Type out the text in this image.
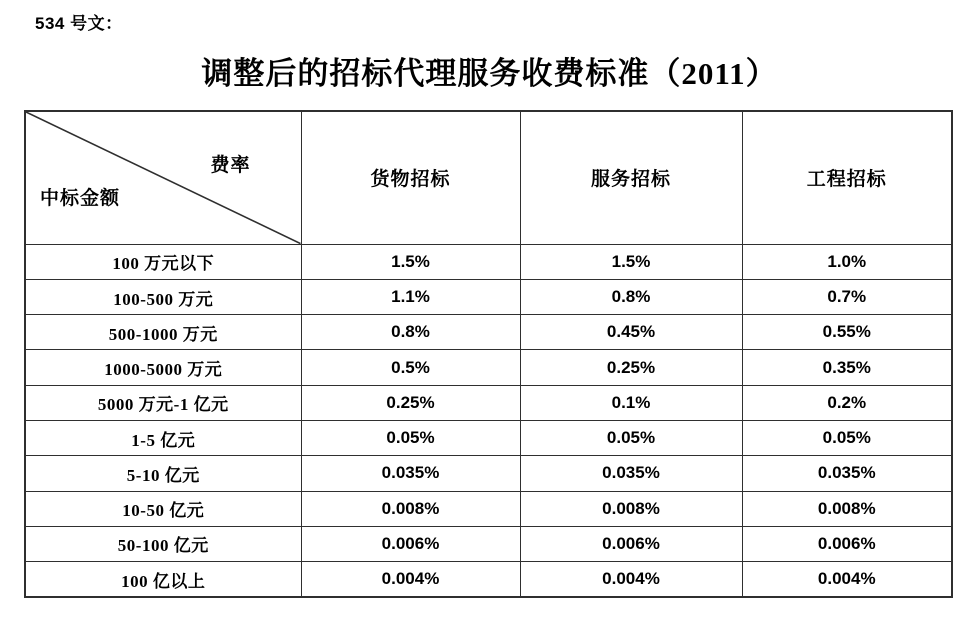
534 号文：
调整后的招标代理服务收费标准（2011）
费率
中标金额	货物招标	服务招标	工程招标
100 万元以下	1.5%	1.5%	1.0%
100-500 万元	1.1%	0.8%	0.7%
500-1000 万元	0.8%	0.45%	0.55%
1000-5000 万元	0.5%	0.25%	0.35%
5000 万元-1 亿元	0.25%	0.1%	0.2%
1-5 亿元	0.05%	0.05%	0.05%
5-10 亿元	0.035%	0.035%	0.035%
10-50 亿元	0.008%	0.008%	0.008%
50-100 亿元	0.006%	0.006%	0.006%
100 亿以上	0.004%	0.004%	0.004%
